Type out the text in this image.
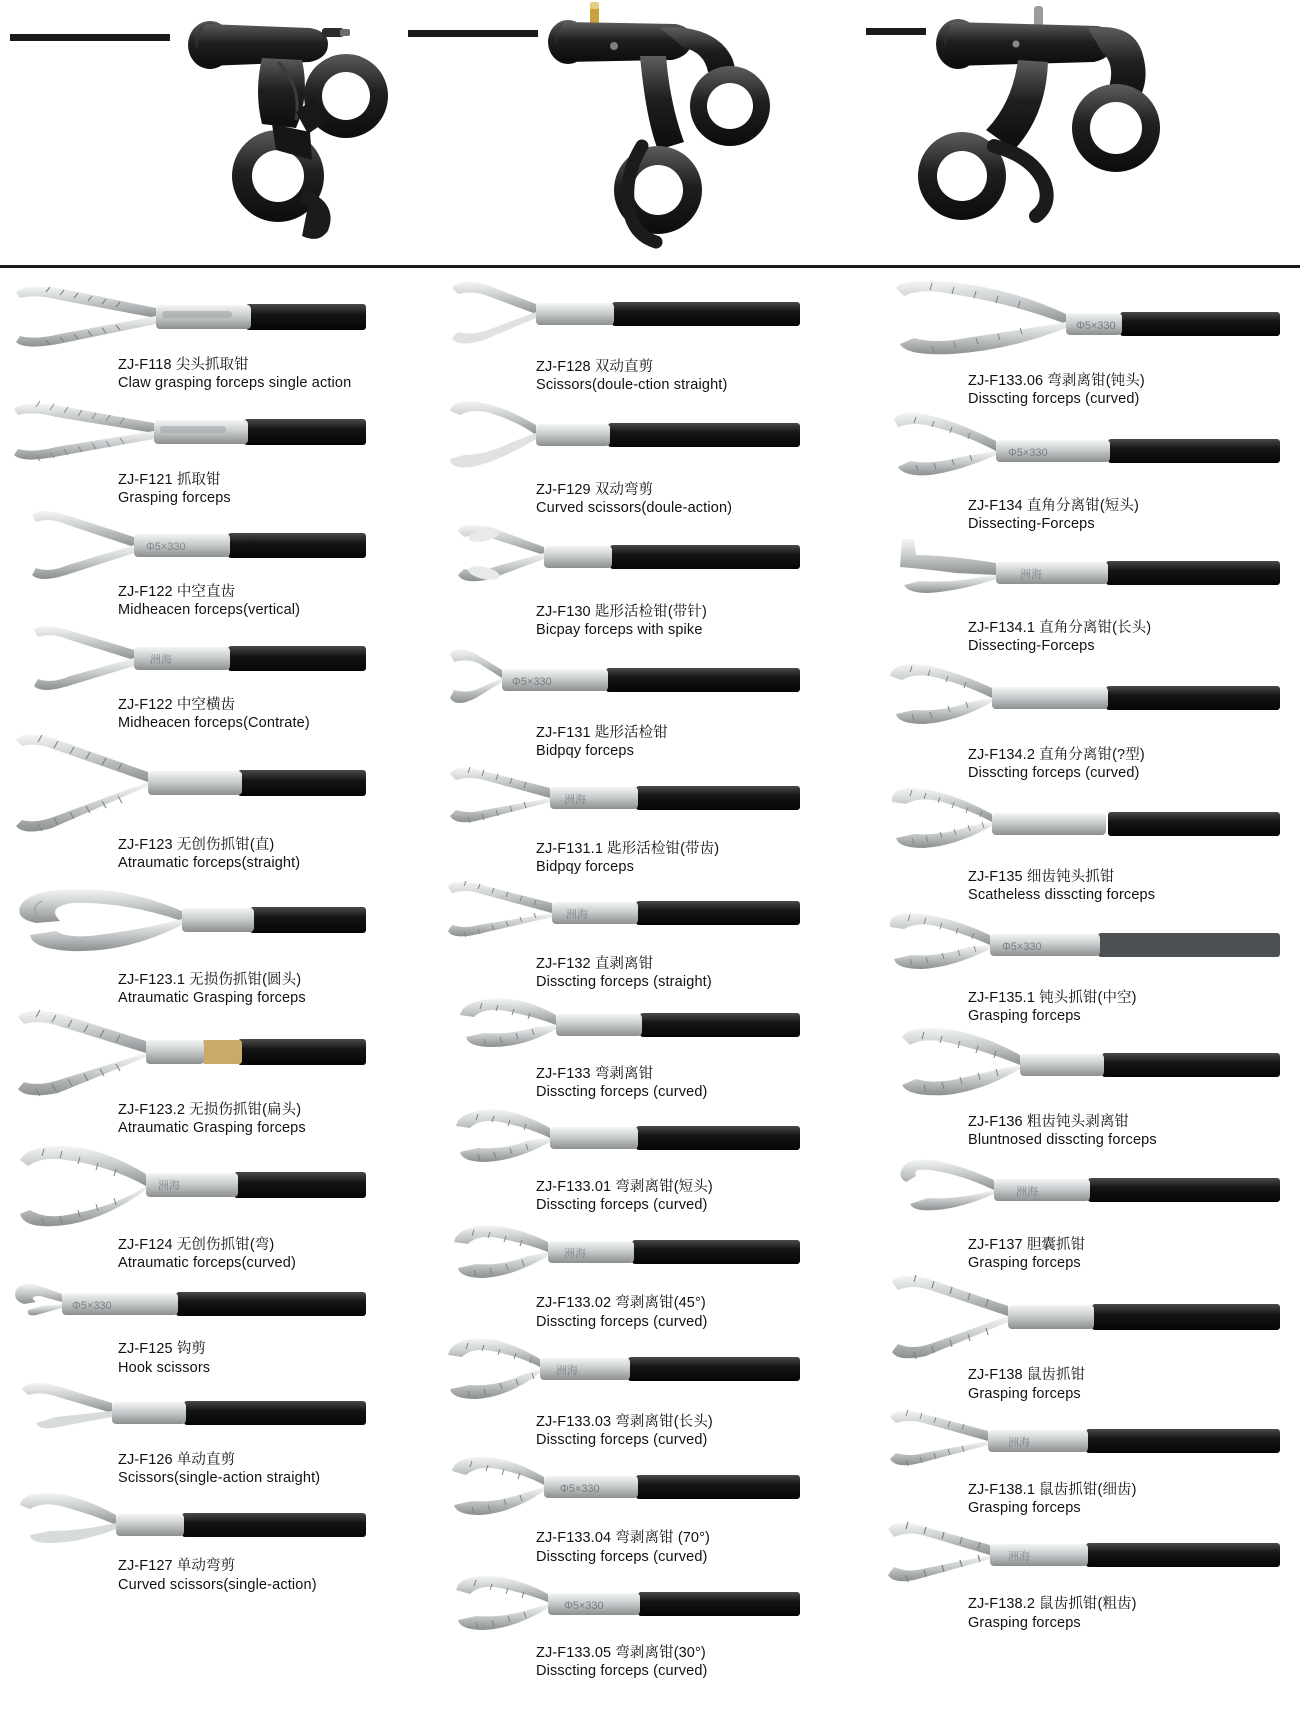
ZJ-F118 尖头抓取钳
Claw grasping forceps single action
ZJ-F121 抓取钳
Grasping forceps
Φ5×330
ZJ-F122 中空直齿
Midheacen forceps(vertical)
洲海
ZJ-F122 中空横齿
Midheacen forceps(Contrate)
ZJ-F123 无创伤抓钳(直)
Atraumatic forceps(straight)
ZJ-F123.1 无损伤抓钳(圆头)
Atraumatic Grasping forceps
ZJ-F123.2 无损伤抓钳(扁头)
Atraumatic Grasping forceps
洲海
ZJ-F124 无创伤抓钳(弯)
Atraumatic forceps(curved)
Φ5×330
ZJ-F125 钩剪
Hook scissors
ZJ-F126 单动直剪
Scissors(single-action straight)
ZJ-F127 单动弯剪
Curved scissors(single-action)
ZJ-F128 双动直剪
Scissors(doule-ction straight)
ZJ-F129 双动弯剪
Curved scissors(doule-action)
ZJ-F130 匙形活检钳(带针)
Bicpay forceps with spike
Φ5×330
ZJ-F131 匙形活检钳
Bidpqy forceps
洲海
ZJ-F131.1 匙形活检钳(带齿)
Bidpqy forceps
洲海
ZJ-F132 直剥离钳
Disscting forceps (straight)
ZJ-F133 弯剥离钳
Disscting forceps (curved)
ZJ-F133.01 弯剥离钳(短头)
Disscting forceps (curved)
洲海
ZJ-F133.02 弯剥离钳(45°)
Disscting forceps (curved)
洲海
ZJ-F133.03 弯剥离钳(长头)
Disscting forceps (curved)
Φ5×330
ZJ-F133.04 弯剥离钳 (70°)
Disscting forceps (curved)
Φ5×330
ZJ-F133.05 弯剥离钳(30°)
Disscting forceps (curved)
Φ5×330
ZJ-F133.06 弯剥离钳(钝头)
Disscting forceps (curved)
Φ5×330
ZJ-F134 直角分离钳(短头)
Dissecting-Forceps
洲海
ZJ-F134.1 直角分离钳(长头)
Dissecting-Forceps
ZJ-F134.2 直角分离钳(?型)
Disscting forceps (curved)
ZJ-F135 细齿钝头抓钳
Scatheless disscting forceps
Φ5×330
ZJ-F135.1 钝头抓钳(中空)
Grasping forceps
ZJ-F136 粗齿钝头剥离钳
Bluntnosed disscting forceps
洲海
ZJ-F137 胆囊抓钳
Grasping forceps
ZJ-F138 鼠齿抓钳
Grasping forceps
洲海
ZJ-F138.1 鼠齿抓钳(细齿)
Grasping forceps
洲海
ZJ-F138.2 鼠齿抓钳(粗齿)
Grasping forceps
